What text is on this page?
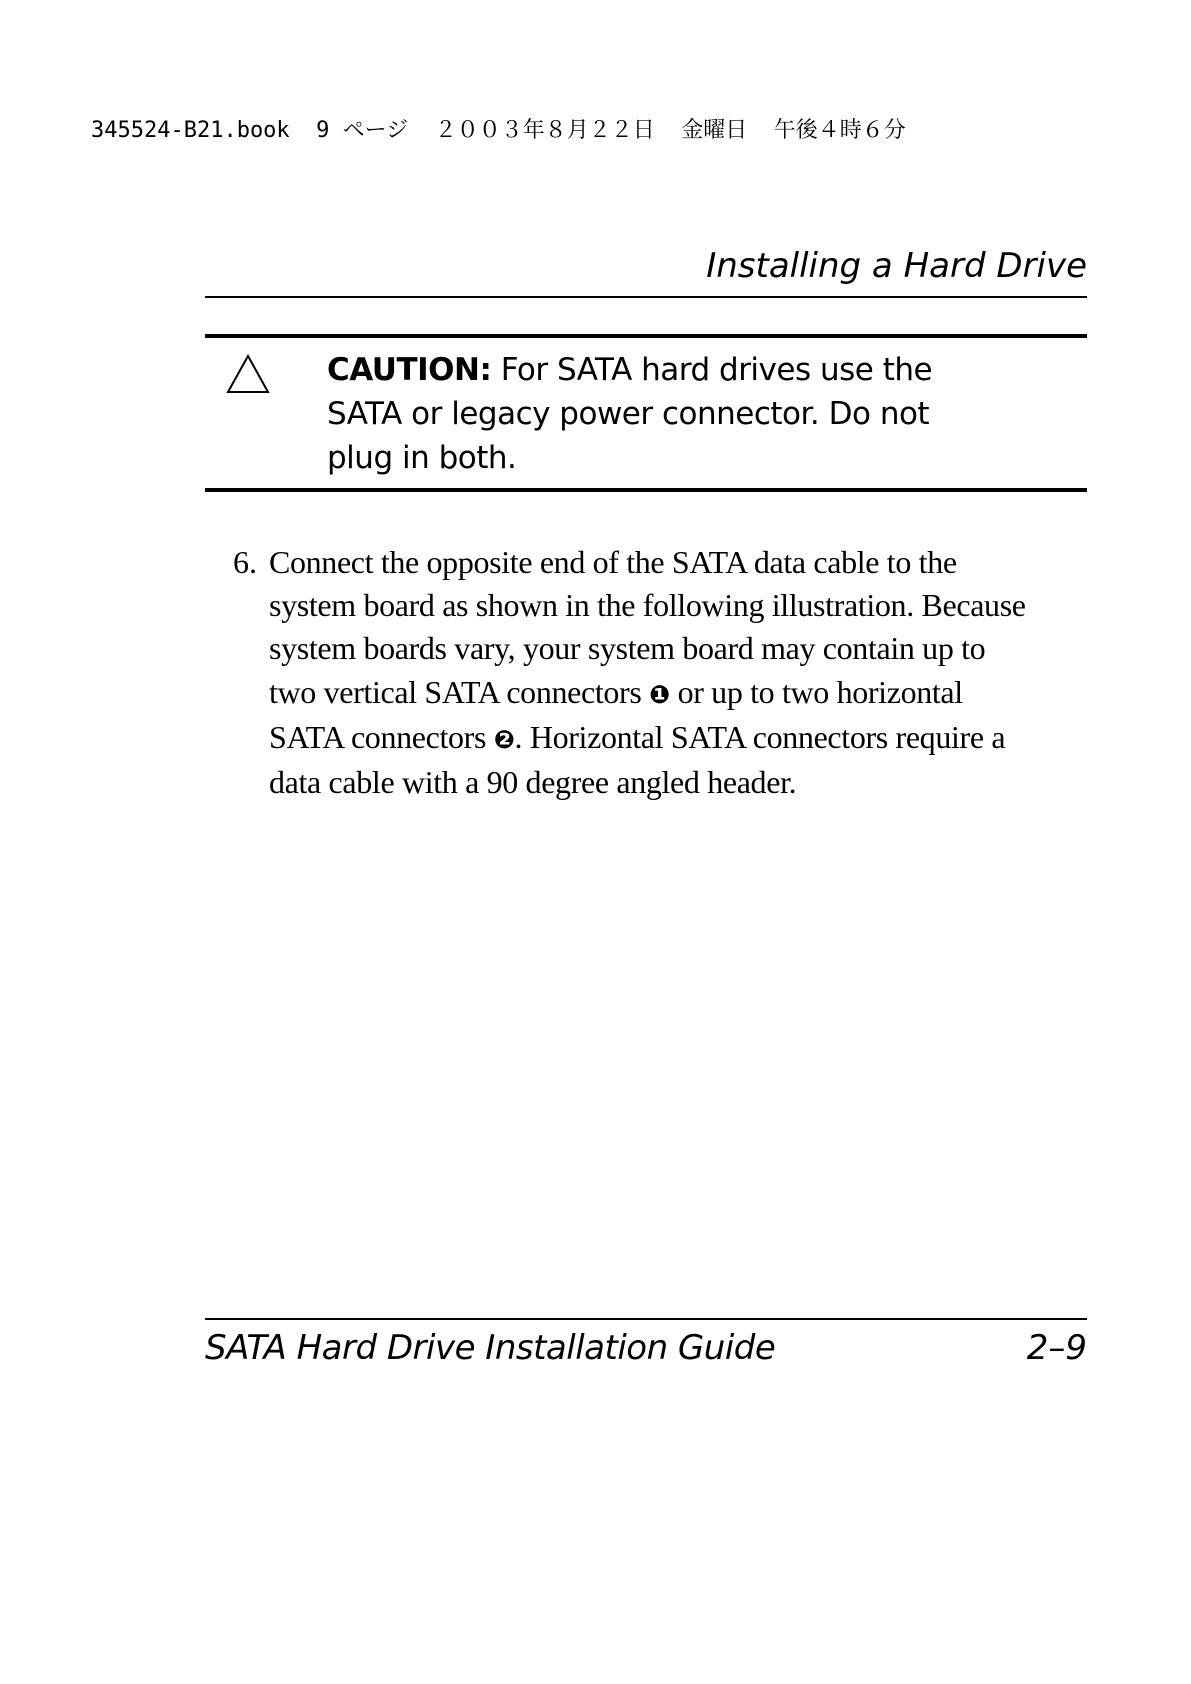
345524-B21.book  9 ページ  ２００３年８月２２日  金曜日  午後４時６分
Installing a Hard Drive
CAUTION: For SATA hard drives use the
SATA or legacy power connector. Do not
plug in both.
6. Connect the opposite end of the SATA data cable to the
system board as shown in the following illustration. Because
system boards vary, your system board may contain up to
two vertical SATA connectors ❶ or up to two horizontal
SATA connectors ❷. Horizontal SATA connectors require a
data cable with a 90 degree angled header.
SATA Hard Drive Installation Guide	2–9
